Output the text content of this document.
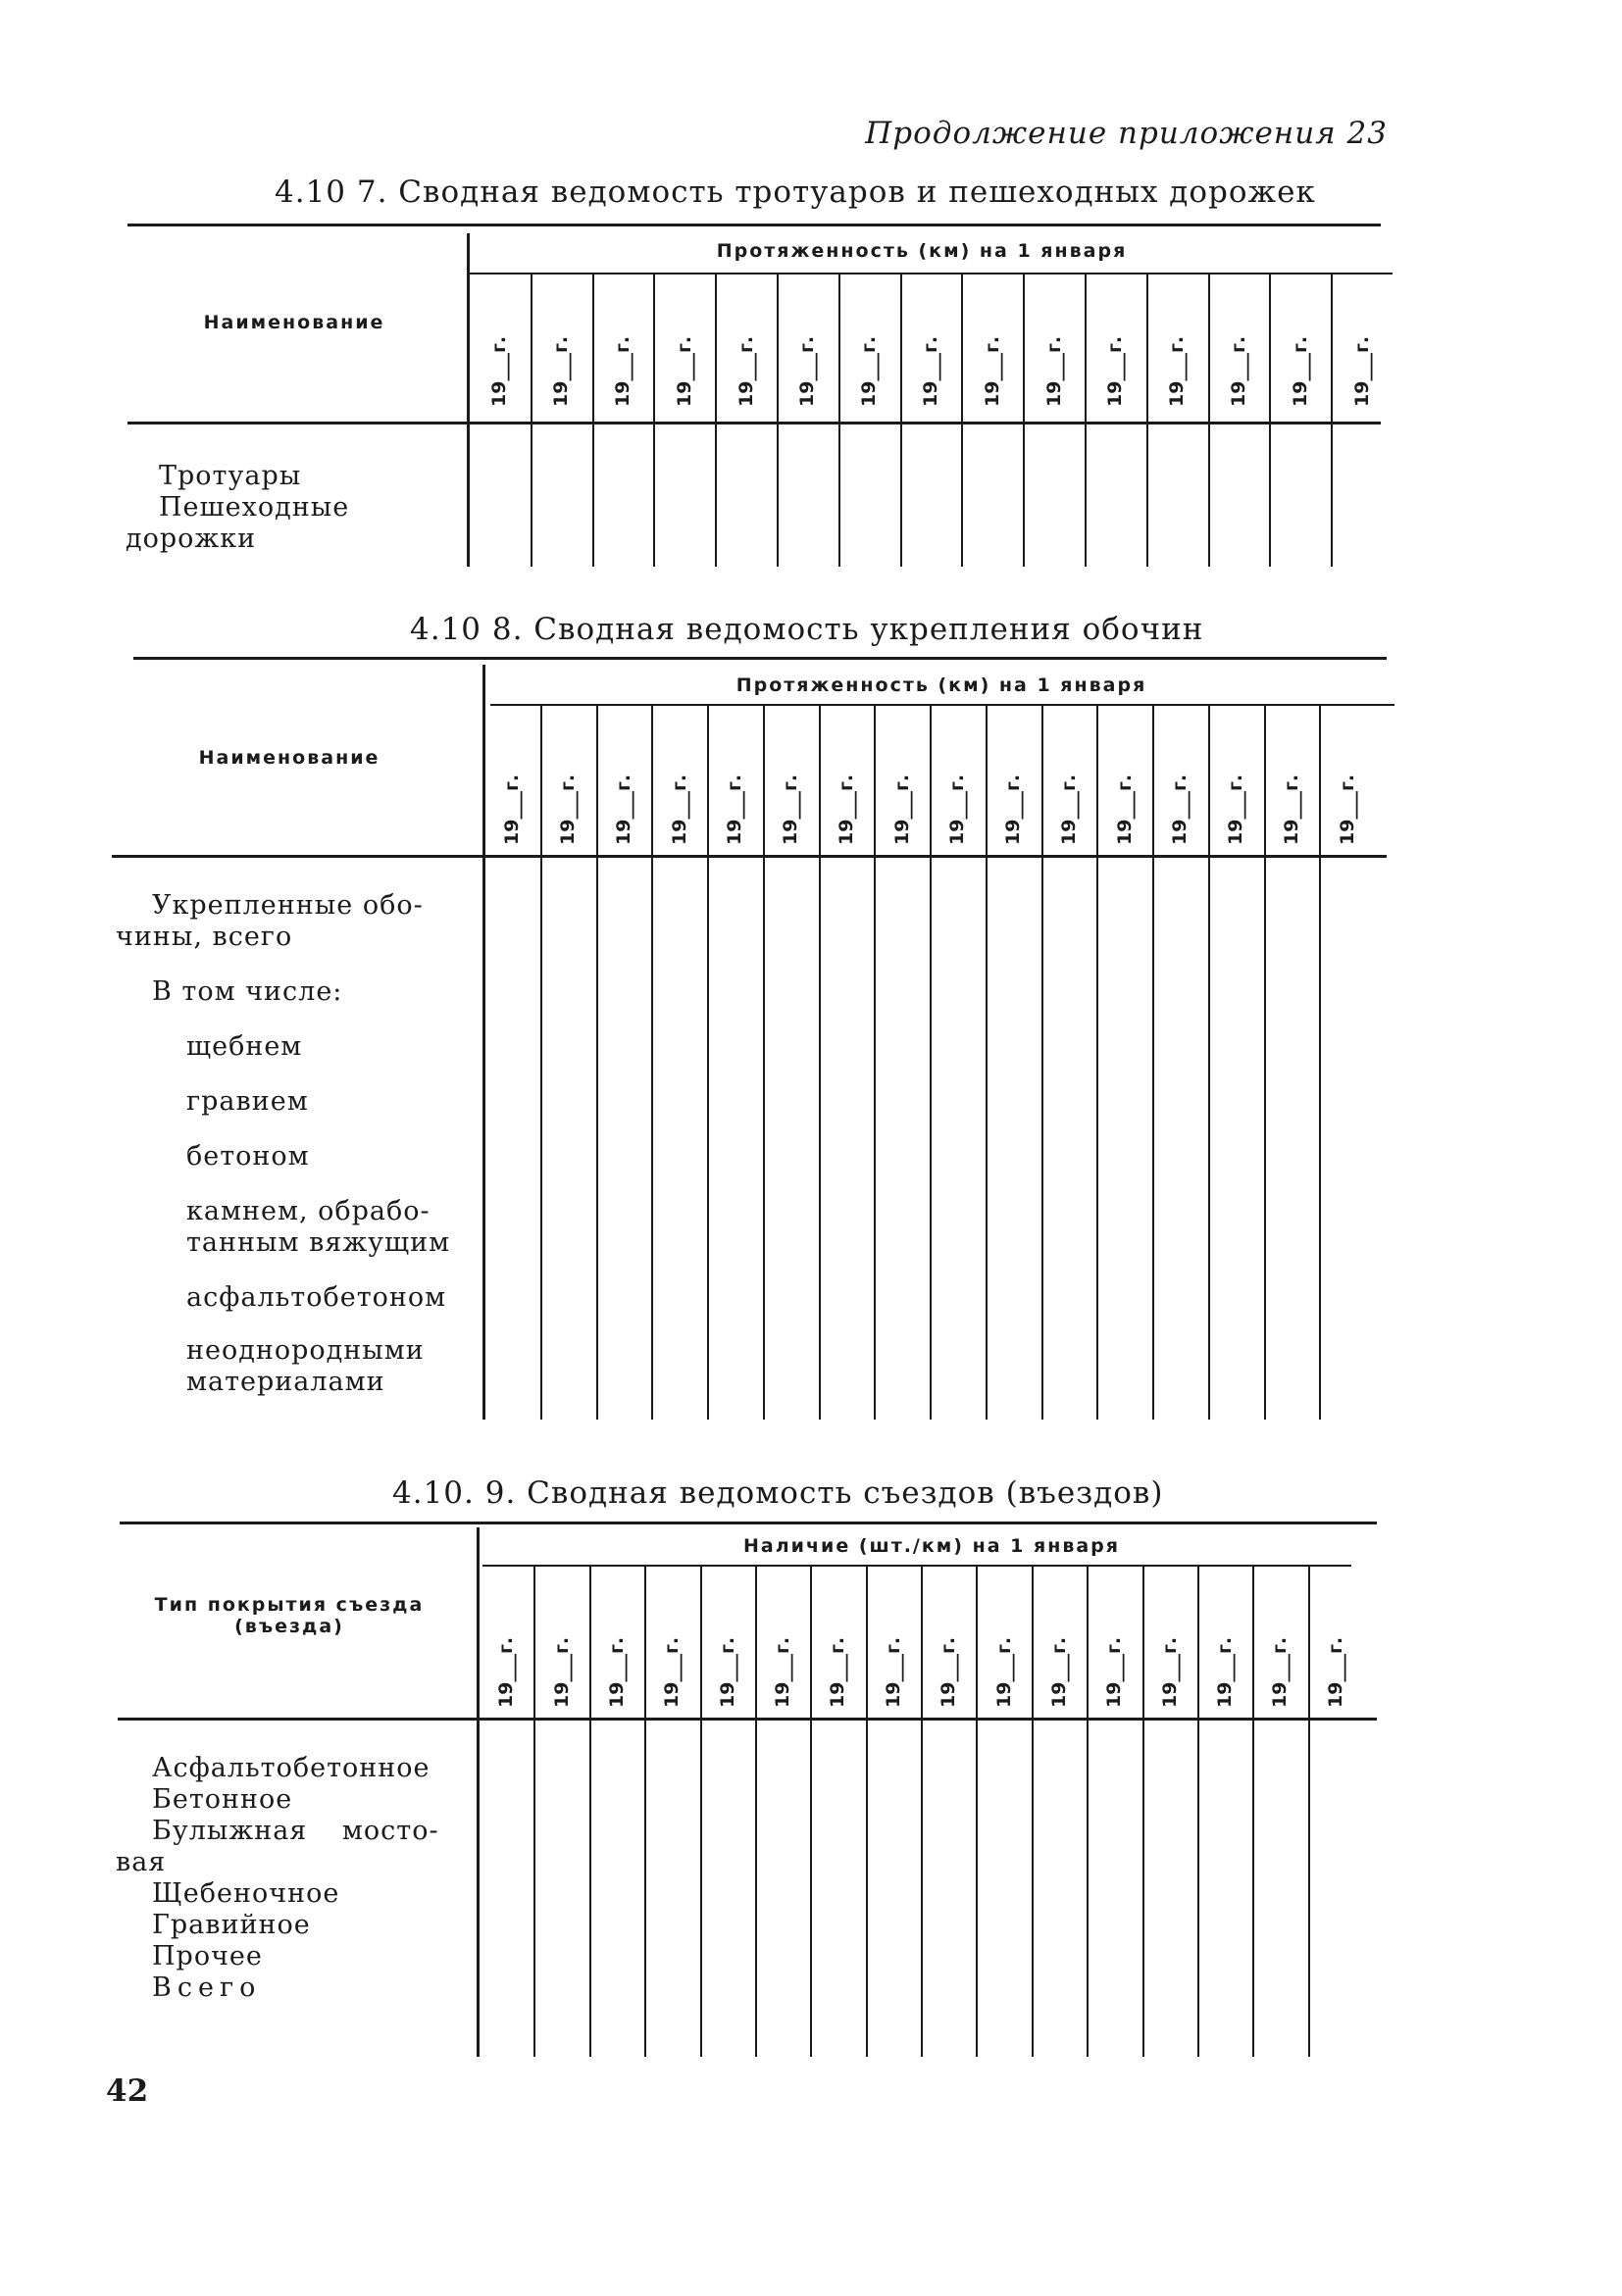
Продолжение приложения 23
4.10 7. Сводная ведомость тротуаров и пешеходных дорожек
Наименование
Протяженность (км) на 1 января
19___г. 19___г. 19___г. 19___г. 19___г. 19___г. 19___г. 19___г. 19___г. 19___г. 19___г. 19___г. 19___г. 19___г. 19___г.
Тротуары
Пешеходные
дорожки
4.10 8. Сводная ведомость укрепления обочин
Наименование
Протяженность (км) на 1 января
19___г. 19___г. 19___г. 19___г. 19___г. 19___г. 19___г. 19___г. 19___г. 19___г. 19___г. 19___г. 19___г. 19___г. 19___г. 19___г.
Укрепленные обо-
чины, всего
В том числе:
щебнем
гравием
бетоном
камнем, обрабо-
танным вяжущим
асфальтобетоном
неоднородными
материалами
4.10. 9. Сводная ведомость съездов (въездов)
Тип покрытия съезда (въезда)
Наличие (шт./км) на 1 января
19___г. 19___г. 19___г. 19___г. 19___г. 19___г. 19___г. 19___г. 19___г. 19___г. 19___г. 19___г. 19___г. 19___г. 19___г. 19___г.
Асфальтобетонное
Бетонное
Булыжная мосто-
вая
Щебеночное
Гравийное
Прочее
Всего
42
